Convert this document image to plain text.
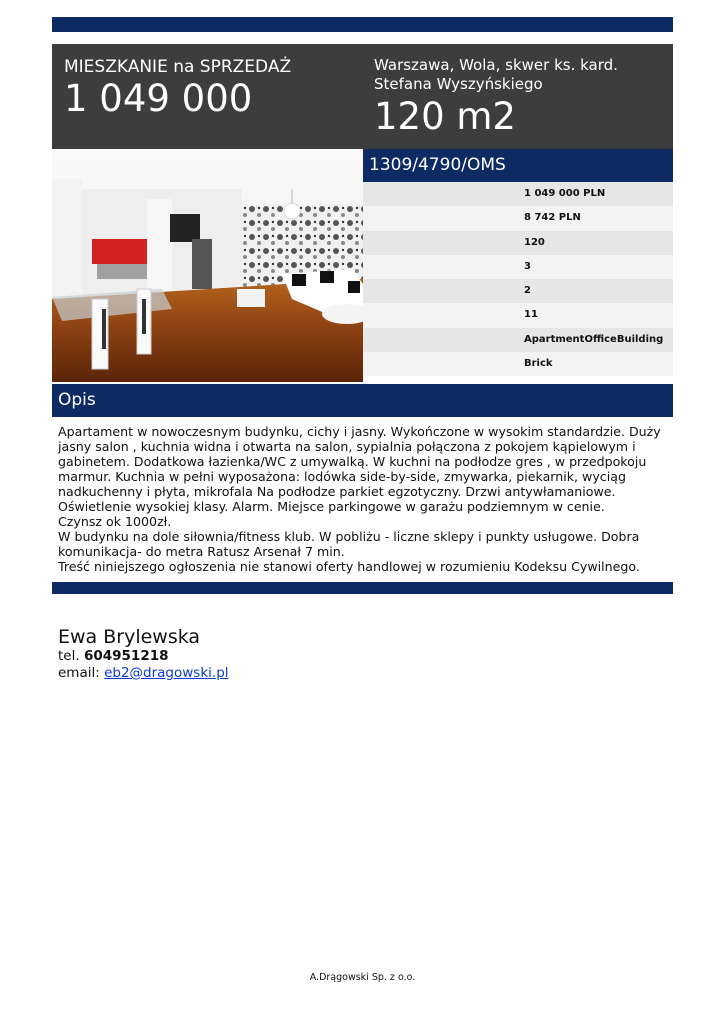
MIESZKANIE na SPRZEDAŻ
1 049 000
Warszawa, Wola, skwer ks. kard. Stefana Wyszyńskiego
120 m2
1309/4790/OMS
1 049 000 PLN
8 742 PLN
120
3
2
11
ApartmentOfficeBuilding
Brick
Opis
Apartament w nowoczesnym budynku, cichy i jasny. Wykończone w wysokim standardzie. Duży jasny salon , kuchnia widna i otwarta na salon, sypialnia połączona z pokojem kąpielowym i gabinetem. Dodatkowa łazienka/WC z umywalką. W kuchni na podłodze gres , w przedpokoju marmur. Kuchnia w pełni wyposażona: lodówka side-by-side, zmywarka, piekarnik, wyciąg nadkuchenny i płyta, mikrofala Na podłodze parkiet egzotyczny. Drzwi antywłamaniowe. Oświetlenie wysokiej klasy. Alarm. Miejsce parkingowe w garażu podziemnym w cenie.
Czynsz ok 1000zł.
W budynku na dole siłownia/fitness klub. W pobliżu - liczne sklepy i punkty usługowe. Dobra komunikacja- do metra Ratusz Arsenał 7 min.
Treść niniejszego ogłoszenia nie stanowi oferty handlowej w rozumieniu Kodeksu Cywilnego.
Ewa Brylewska
tel. 604951218
email: eb2@dragowski.pl
A.Drągowski Sp. z o.o.
